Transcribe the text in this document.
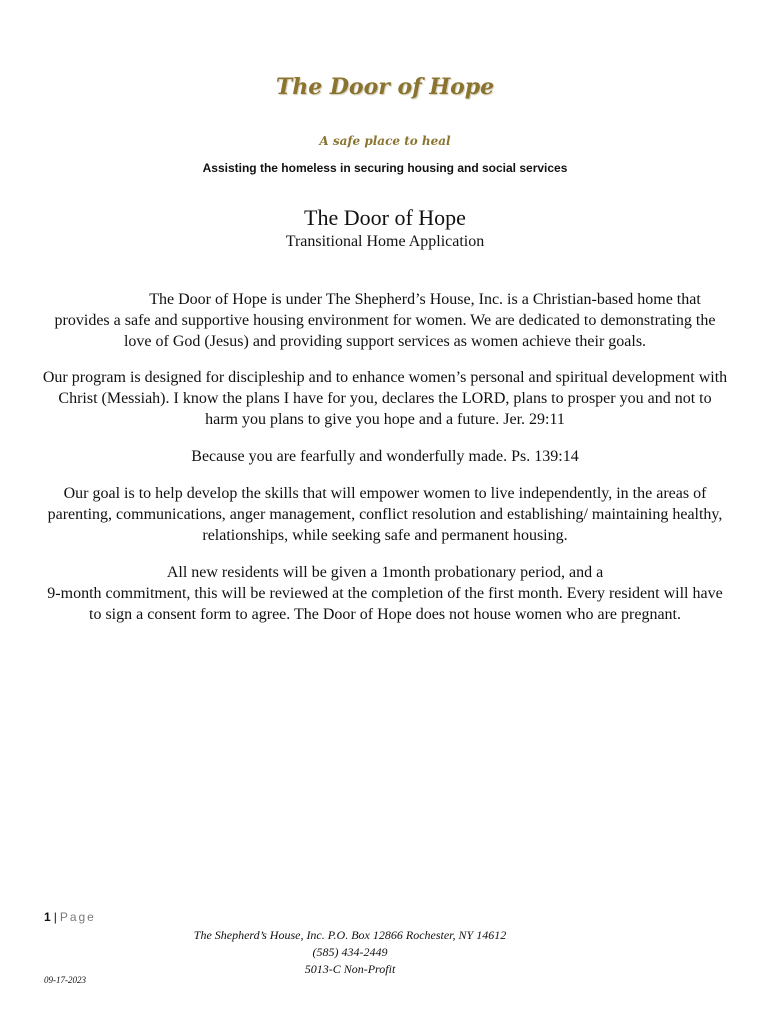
The Door of Hope
A safe place to heal
Assisting the homeless in securing housing and social services
The Door of Hope
Transitional Home Application

The Door of Hope is under The Shepherd’s House, Inc. is a Christian-based home that provides a safe and supportive housing environment for women. We are dedicated to demonstrating the love of God (Jesus) and providing support services as women achieve their goals.

Our program is designed for discipleship and to enhance women’s personal and spiritual development with Christ (Messiah). I know the plans I have for you, declares the LORD, plans to prosper you and not to harm you plans to give you hope and a future. Jer. 29:11

Because you are fearfully and wonderfully made. Ps. 139:14

Our goal is to help develop the skills that will empower women to live independently, in the areas of parenting, communications, anger management, conflict resolution and establishing/ maintaining healthy, relationships, while seeking safe and permanent housing.

All new residents will be given a 1month probationary period, and a

9-month commitment, this will be reviewed at the completion of the first month. Every resident will have to sign a consent form to agree. The Door of Hope does not house women who are pregnant.

1 | Page
The Shepherd’s House, Inc. P.O. Box 12866 Rochester, NY 14612
(585) 434-2449
5013-C Non-Profit
09-17-2023
